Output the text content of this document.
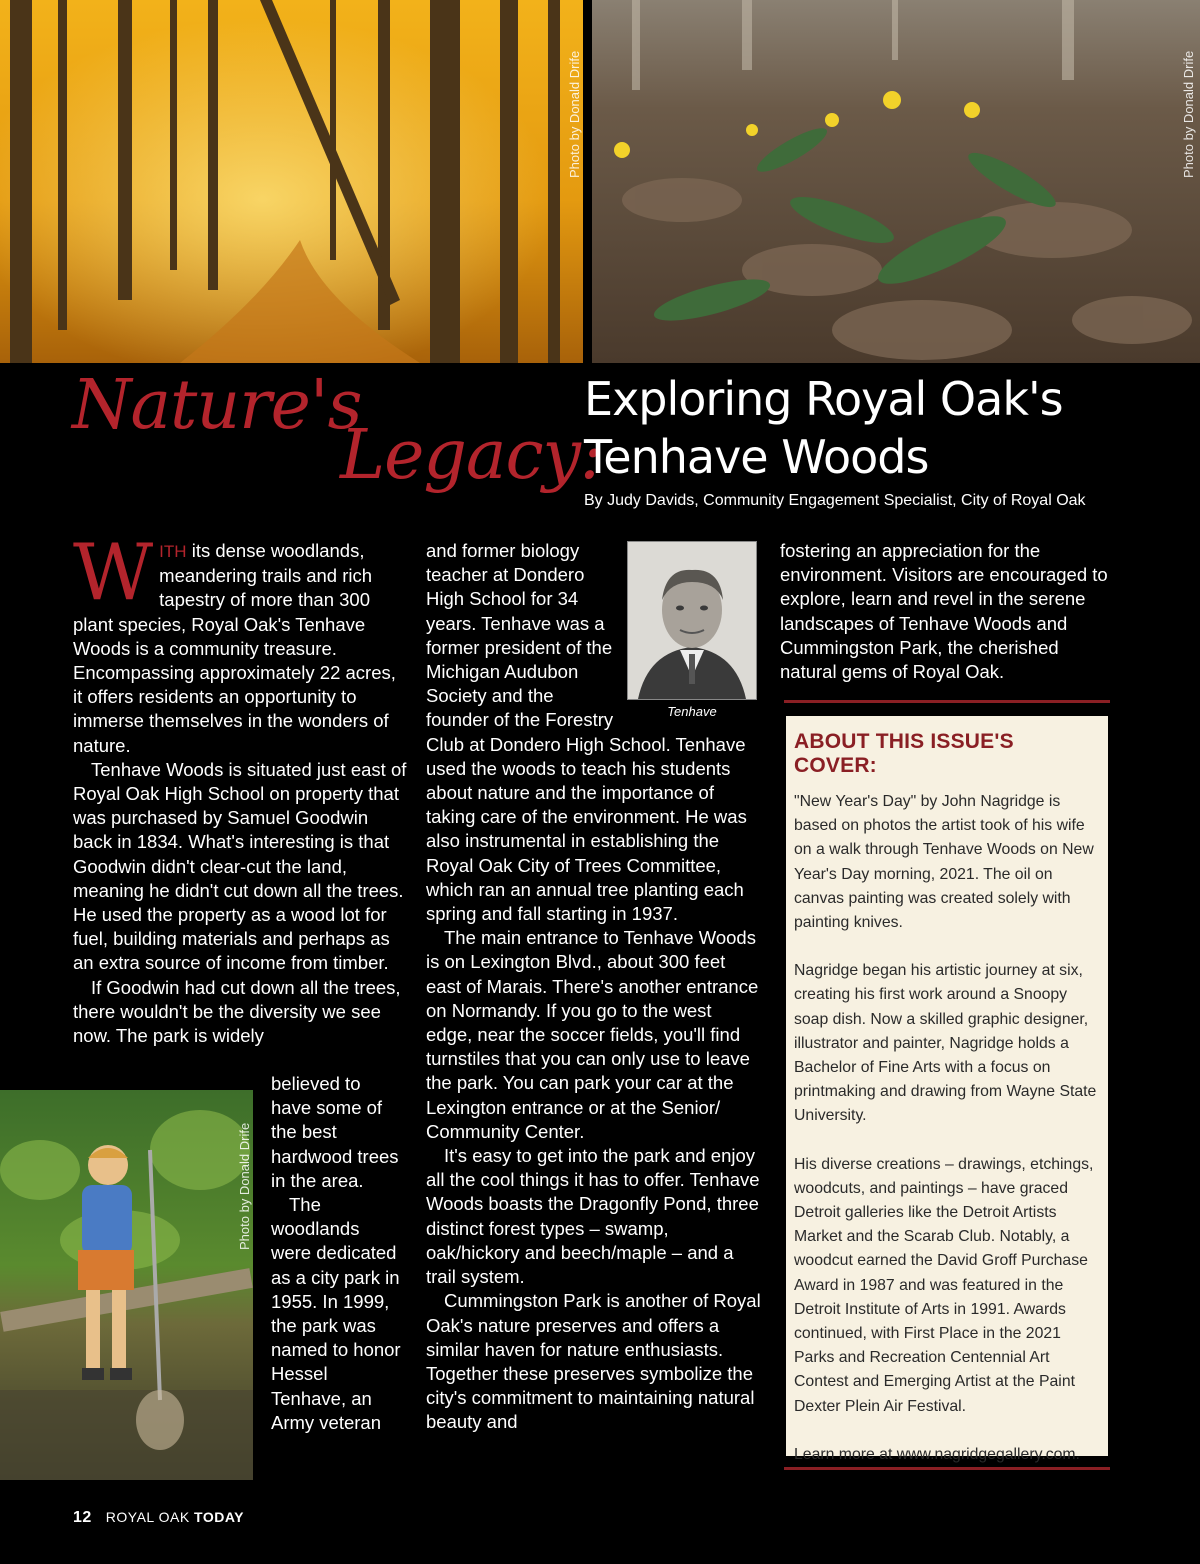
Photo by Donald Drife	Photo by Donald Drife
Nature's
Legacy:
Exploring Royal Oak's
Tenhave Woods
By Judy Davids, Community Engagement Specialist, City of Royal Oak

WITH its dense woodlands, meandering trails and rich tapestry of more than 300 plant species, Royal Oak's Tenhave Woods is a community treasure. Encompassing approximately 22 acres, it offers residents an opportunity to immerse themselves in the wonders of nature.

Tenhave Woods is situated just east of Royal Oak High School on property that was purchased by Samuel Goodwin back in 1834. What's interesting is that Goodwin didn't clear-cut the land, meaning he didn't cut down all the trees. He used the property as a wood lot for fuel, building materials and perhaps as an extra source of income from timber.

If Goodwin had cut down all the trees, there wouldn't be the diversity we see now. The park is widely

Photo by Donald Drife

believed to have some of the best hardwood trees in the area.

The woodlands were dedicated as a city park in 1955. In 1999, the park was named to honor Hessel Tenhave, an Army veteran

Tenhave

and former biology teacher at Dondero High School for 34 years. Tenhave was a former president of the Michigan Audubon Society and the founder of the Forestry Club at Dondero High School. Tenhave used the woods to teach his students about nature and the importance of taking care of the environment. He was also instrumental in establishing the Royal Oak City of Trees Committee, which ran an annual tree planting each spring and fall starting in 1937.

The main entrance to Tenhave Woods is on Lexington Blvd., about 300 feet east of Marais. There's another entrance on Normandy. If you go to the west edge, near the soccer fields, you'll find turnstiles that you can only use to leave the park. You can park your car at the Lexington entrance or at the Senior/ Community Center.

It's easy to get into the park and enjoy all the cool things it has to offer. Tenhave Woods boasts the Dragonfly Pond, three distinct forest types – swamp, oak/hickory and beech/maple – and a trail system.

Cummingston Park is another of Royal Oak's nature preserves and offers a similar haven for nature enthusiasts. Together these preserves symbolize the city's commitment to maintaining natural beauty and

fostering an appreciation for the environment. Visitors are encouraged to explore, learn and revel in the serene landscapes of Tenhave Woods and Cummingston Park, the cherished natural gems of Royal Oak.

ABOUT THIS ISSUE'S COVER:

"New Year's Day" by John Nagridge is based on photos the artist took of his wife on a walk through Tenhave Woods on New Year's Day morning, 2021. The oil on canvas painting was created solely with painting knives.

Nagridge began his artistic journey at six, creating his first work around a Snoopy soap dish. Now a skilled graphic designer, illustrator and painter, Nagridge holds a Bachelor of Fine Arts with a focus on printmaking and drawing from Wayne State University.

His diverse creations – drawings, etchings, woodcuts, and paintings – have graced Detroit galleries like the Detroit Artists Market and the Scarab Club. Notably, a woodcut earned the David Groff Purchase Award in 1987 and was featured in the Detroit Institute of Arts in 1991. Awards continued, with First Place in the 2021 Parks and Recreation Centennial Art Contest and Emerging Artist at the Paint Dexter Plein Air Festival.

Learn more at www.nagridgegallery.com.

12 ROYAL OAK TODAY
